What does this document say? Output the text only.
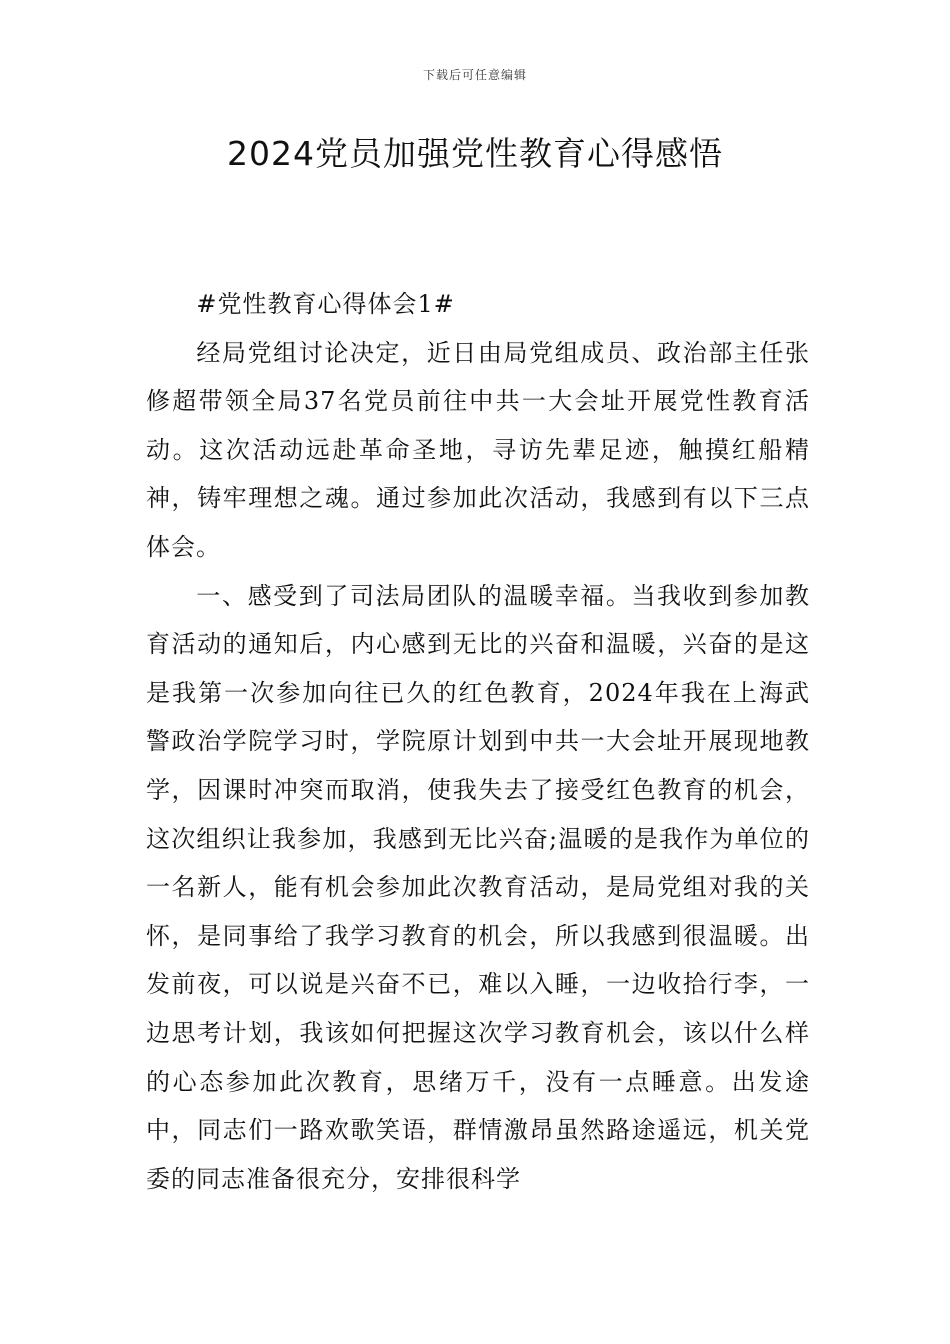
下载后可任意编辑
2024党员加强党性教育心得感悟

#党性教育心得体会1#

经局党组讨论决定，近日由局党组成员、政治部主任张修超带领全局37名党员前往中共一大会址开展党性教育活动。这次活动远赴革命圣地，寻访先辈足迹，触摸红船精神，铸牢理想之魂。通过参加此次活动，我感到有以下三点体会。

一、感受到了司法局团队的温暖幸福。当我收到参加教育活动的通知后，内心感到无比的兴奋和温暖，兴奋的是这是我第一次参加向往已久的红色教育，2024年我在上海武警政治学院学习时，学院原计划到中共一大会址开展现地教学，因课时冲突而取消，使我失去了接受红色教育的机会，这次组织让我参加，我感到无比兴奋;温暖的是我作为单位的一名新人，能有机会参加此次教育活动，是局党组对我的关怀，是同事给了我学习教育的机会，所以我感到很温暖。出发前夜，可以说是兴奋不已，难以入睡，一边收拾行李，一边思考计划，我该如何把握这次学习教育机会，该以什么样的心态参加此次教育，思绪万千，没有一点睡意。出发途中，同志们一路欢歌笑语，群情激昂虽然路途遥远，机关党委的同志准备很充分，安排很科学
